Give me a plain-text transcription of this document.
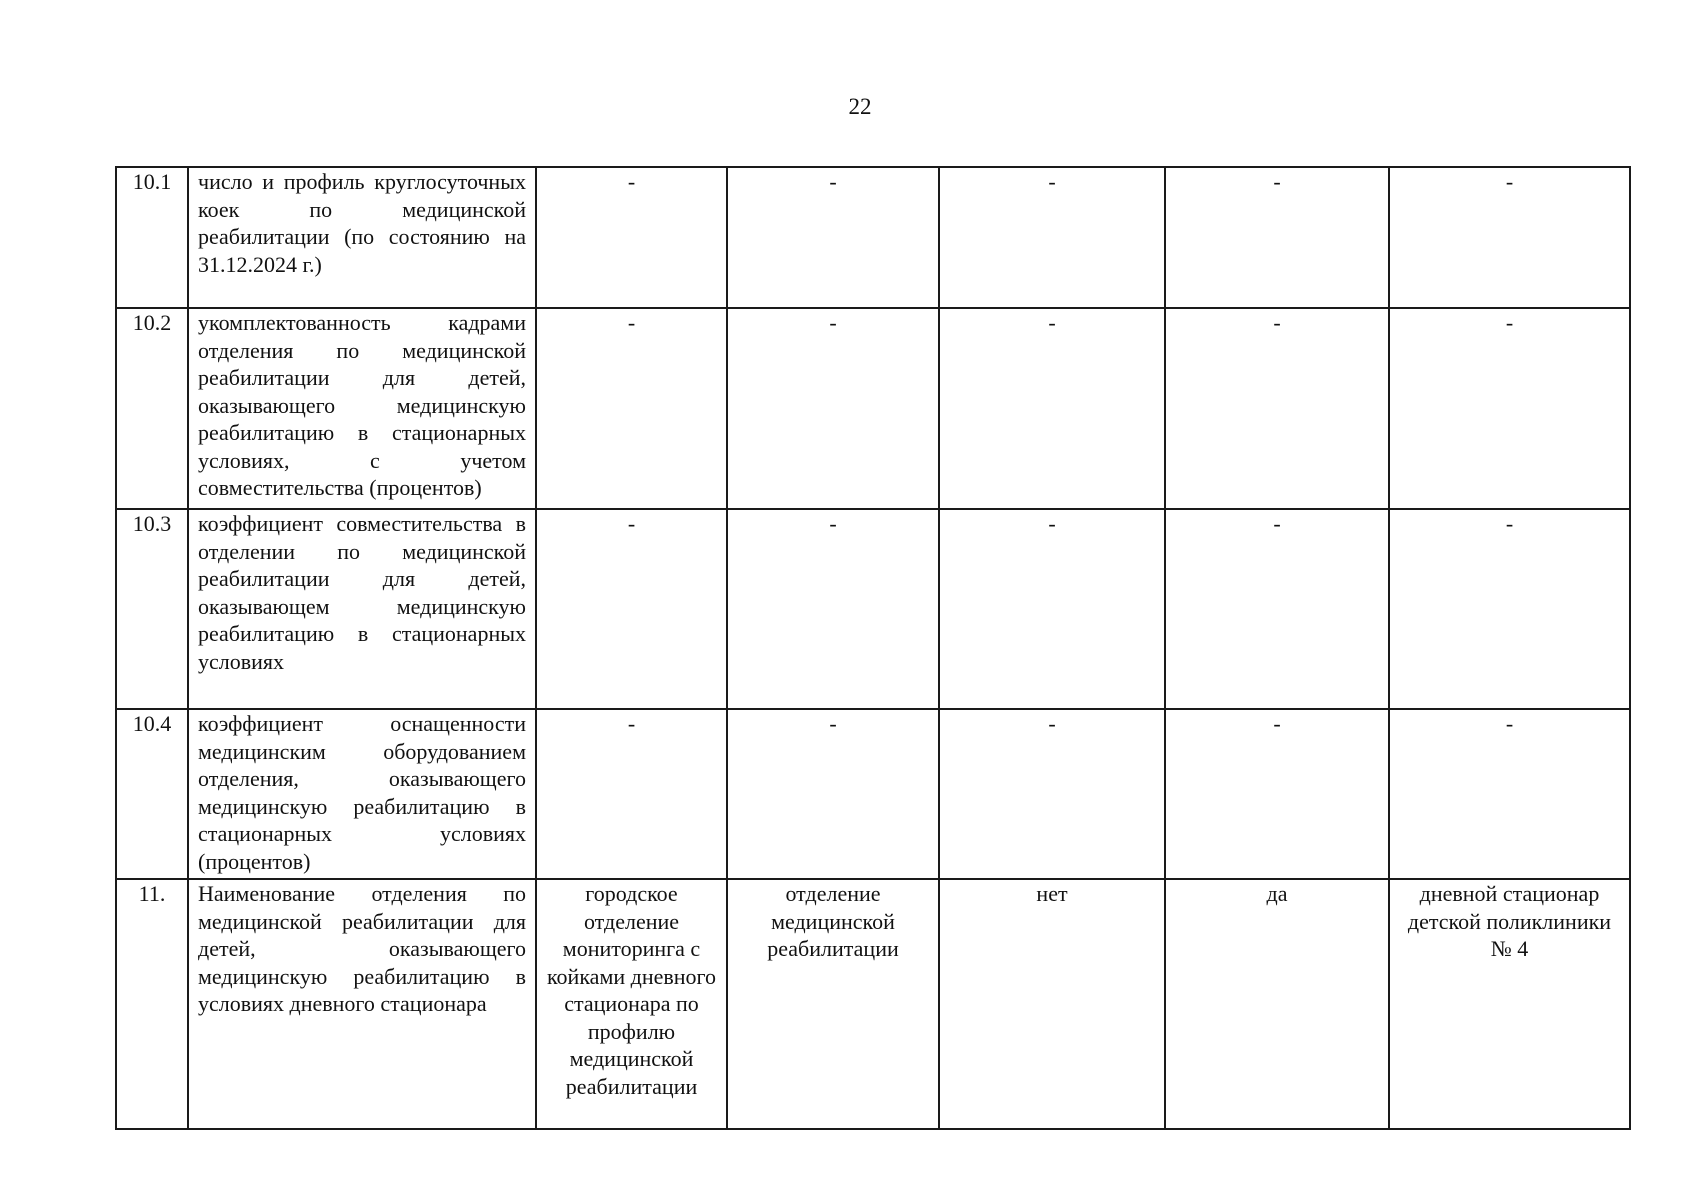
22
10.1	число и профиль круглосуточных коек по медицинской реабилитации (по состоянию на 31.12.2024 г.)	-	-	-	-	-
10.2	укомплектованность кадрами отделения по медицинской реабилитации для детей, оказывающего медицинскую реабилитацию в стационарных условиях, с учетом совместительства (процентов)	-	-	-	-	-
10.3	коэффициент совместительства в отделении по медицинской реабилитации для детей, оказывающем медицинскую реабилитацию в стационарных условиях	-	-	-	-	-
10.4	коэффициент оснащенности медицинским оборудованием отделения, оказывающего медицинскую реабилитацию в стационарных условиях (процентов)	-	-	-	-	-
11.	Наименование отделения по медицинской реабилитации для детей, оказывающего медицинскую реабилитацию в условиях дневного стационара	городское отделение мониторинга с койками дневного стационара по профилю медицинской реабилитации	отделение медицинской реабилитации	нет	да	дневной стационар детской поликлиники № 4
